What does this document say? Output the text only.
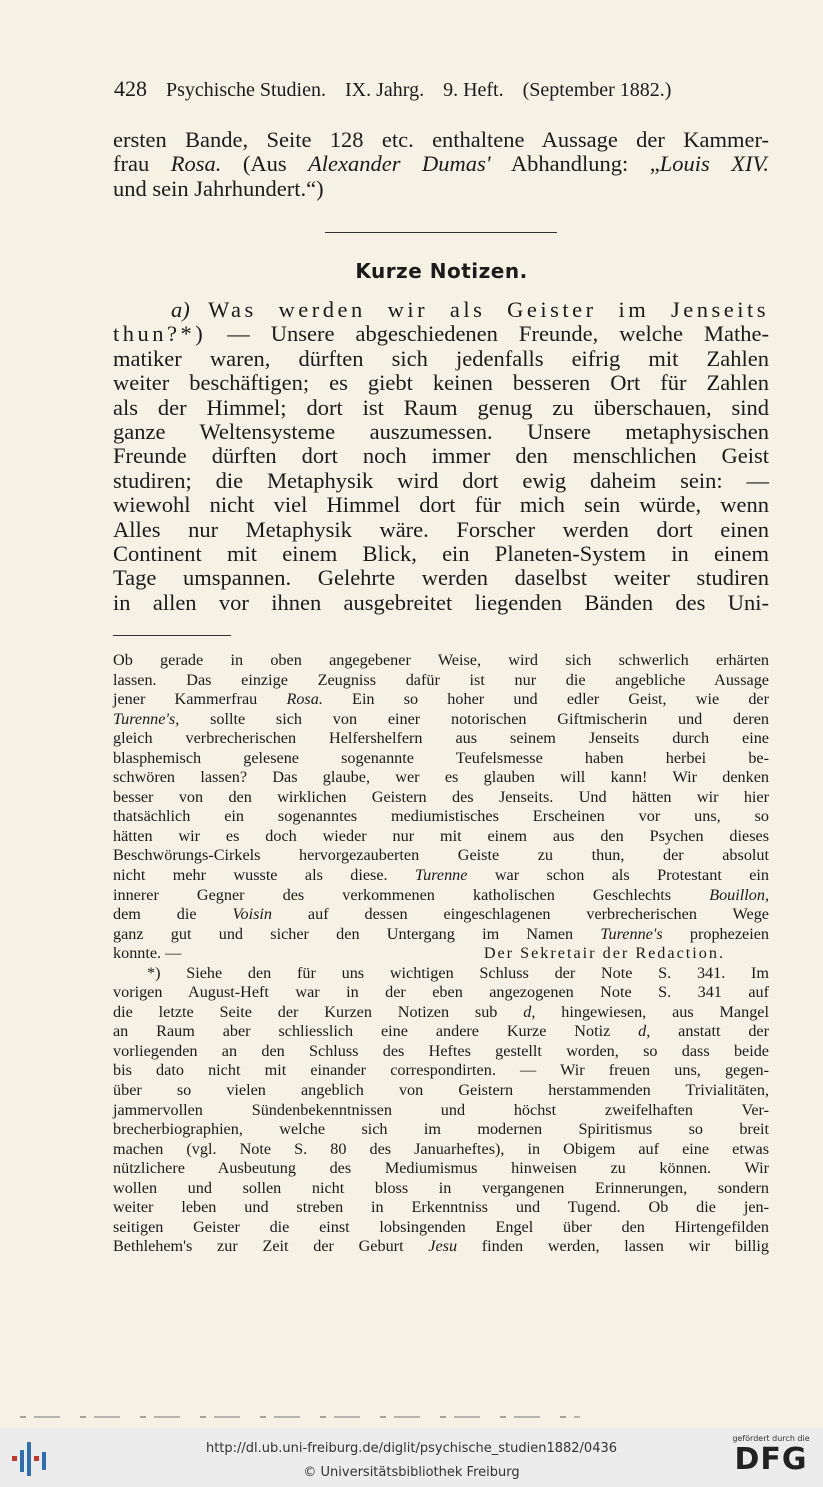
428 Psychische Studien. IX. Jahrg. 9. Heft. (September 1882.)
ersten Bande, Seite 128 etc. enthaltene Aussage der Kammer-
frau Rosa. (Aus Alexander Dumas' Abhandlung: „Louis XIV.
und sein Jahrhundert.“)
Kurze Notizen.
a) Was werden wir als Geister im Jenseits
thun?*) — Unsere abgeschiedenen Freunde, welche Mathe-
matiker waren, dürften sich jedenfalls eifrig mit Zahlen
weiter beschäftigen; es giebt keinen besseren Ort für Zahlen
als der Himmel; dort ist Raum genug zu überschauen, sind
ganze Weltensysteme auszumessen. Unsere metaphysischen
Freunde dürften dort noch immer den menschlichen Geist
studiren; die Metaphysik wird dort ewig daheim sein: —
wiewohl nicht viel Himmel dort für mich sein würde, wenn
Alles nur Metaphysik wäre. Forscher werden dort einen
Continent mit einem Blick, ein Planeten-System in einem
Tage umspannen. Gelehrte werden daselbst weiter studiren
in allen vor ihnen ausgebreitet liegenden Bänden des Uni-
Ob gerade in oben angegebener Weise, wird sich schwerlich erhärten
lassen. Das einzige Zeugniss dafür ist nur die angebliche Aussage
jener Kammerfrau Rosa. Ein so hoher und edler Geist, wie der
Turenne's, sollte sich von einer notorischen Giftmischerin und deren
gleich verbrecherischen Helfershelfern aus seinem Jenseits durch eine
blasphemisch gelesene sogenannte Teufelsmesse haben herbei be-
schwören lassen? Das glaube, wer es glauben will kann! Wir denken
besser von den wirklichen Geistern des Jenseits. Und hätten wir hier
thatsächlich ein sogenanntes mediumistisches Erscheinen vor uns, so
hätten wir es doch wieder nur mit einem aus den Psychen dieses
Beschwörungs-Cirkels hervorgezauberten Geiste zu thun, der absolut
nicht mehr wusste als diese. Turenne war schon als Protestant ein
innerer Gegner des verkommenen katholischen Geschlechts Bouillon,
dem die Voisin auf dessen eingeschlagenen verbrecherischen Wege
ganz gut und sicher den Untergang im Namen Turenne's prophezeien
konnte. —	Der Sekretair der Redaction.
*) Siehe den für uns wichtigen Schluss der Note S. 341. Im
vorigen August-Heft war in der eben angezogenen Note S. 341 auf
die letzte Seite der Kurzen Notizen sub d, hingewiesen, aus Mangel
an Raum aber schliesslich eine andere Kurze Notiz d, anstatt der
vorliegenden an den Schluss des Heftes gestellt worden, so dass beide
bis dato nicht mit einander correspondirten. — Wir freuen uns, gegen-
über so vielen angeblich von Geistern herstammenden Trivialitäten,
jammervollen Sündenbekenntnissen und höchst zweifelhaften Ver-
brecherbiographien, welche sich im modernen Spiritismus so breit
machen (vgl. Note S. 80 des Januarheftes), in Obigem auf eine etwas
nützlichere Ausbeutung des Mediumismus hinweisen zu können. Wir
wollen und sollen nicht bloss in vergangenen Erinnerungen, sondern
weiter leben und streben in Erkenntniss und Tugend. Ob die jen-
seitigen Geister die einst lobsingenden Engel über den Hirtengefilden
Bethlehem's zur Zeit der Geburt Jesu finden werden, lassen wir billig
http://dl.ub.uni-freiburg.de/diglit/psychische_studien1882/0436
© Universitätsbibliothek Freiburg
gefördert durch die
DFG
